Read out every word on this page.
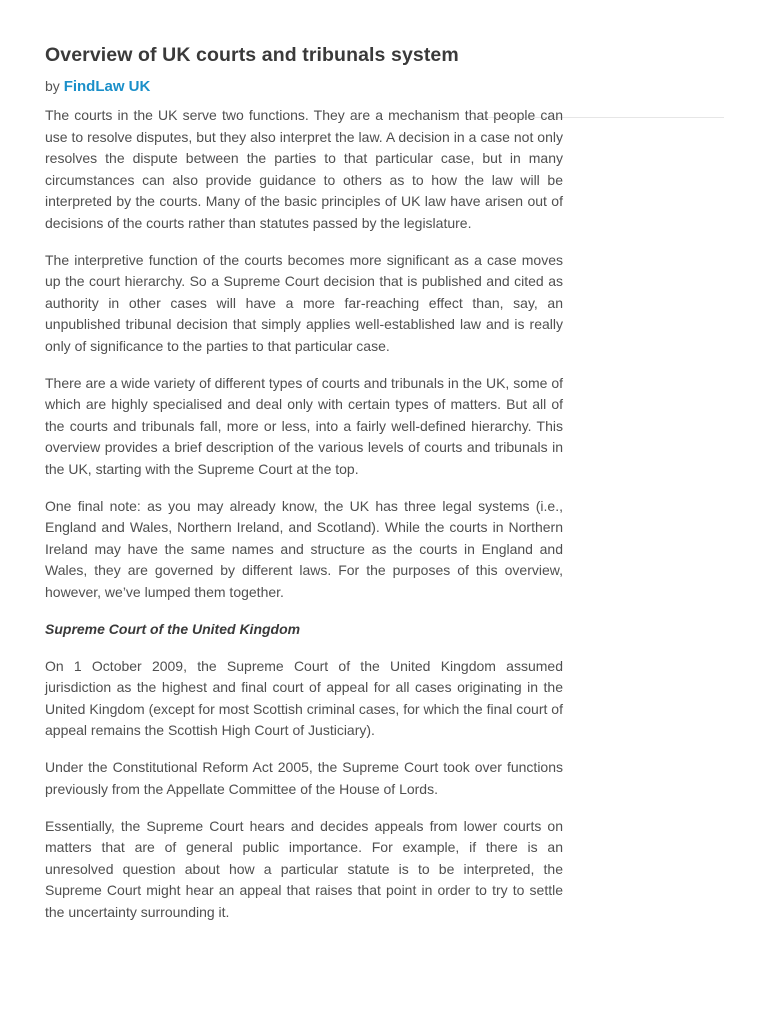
Overview of UK courts and tribunals system
by FindLaw UK

The courts in the UK serve two functions. They are a mechanism that people can use to resolve disputes, but they also interpret the law. A decision in a case not only resolves the dispute between the parties to that particular case, but in many circumstances can also provide guidance to others as to how the law will be interpreted by the courts. Many of the basic principles of UK law have arisen out of decisions of the courts rather than statutes passed by the legislature.

The interpretive function of the courts becomes more significant as a case moves up the court hierarchy. So a Supreme Court decision that is published and cited as authority in other cases will have a more far-reaching effect than, say, an unpublished tribunal decision that simply applies well-established law and is really only of significance to the parties to that particular case.

There are a wide variety of different types of courts and tribunals in the UK, some of which are highly specialised and deal only with certain types of matters. But all of the courts and tribunals fall, more or less, into a fairly well-defined hierarchy. This overview provides a brief description of the various levels of courts and tribunals in the UK, starting with the Supreme Court at the top.

One final note: as you may already know, the UK has three legal systems (i.e., England and Wales, Northern Ireland, and Scotland). While the courts in Northern Ireland may have the same names and structure as the courts in England and Wales, they are governed by different laws. For the purposes of this overview, however, we’ve lumped them together.

Supreme Court of the United Kingdom

On 1 October 2009, the Supreme Court of the United Kingdom assumed jurisdiction as the highest and final court of appeal for all cases originating in the United Kingdom (except for most Scottish criminal cases, for which the final court of appeal remains the Scottish High Court of Justiciary).

Under the Constitutional Reform Act 2005, the Supreme Court took over functions previously from the Appellate Committee of the House of Lords.

Essentially, the Supreme Court hears and decides appeals from lower courts on matters that are of general public importance. For example, if there is an unresolved question about how a particular statute is to be interpreted, the Supreme Court might hear an appeal that raises that point in order to try to settle the uncertainty surrounding it.
